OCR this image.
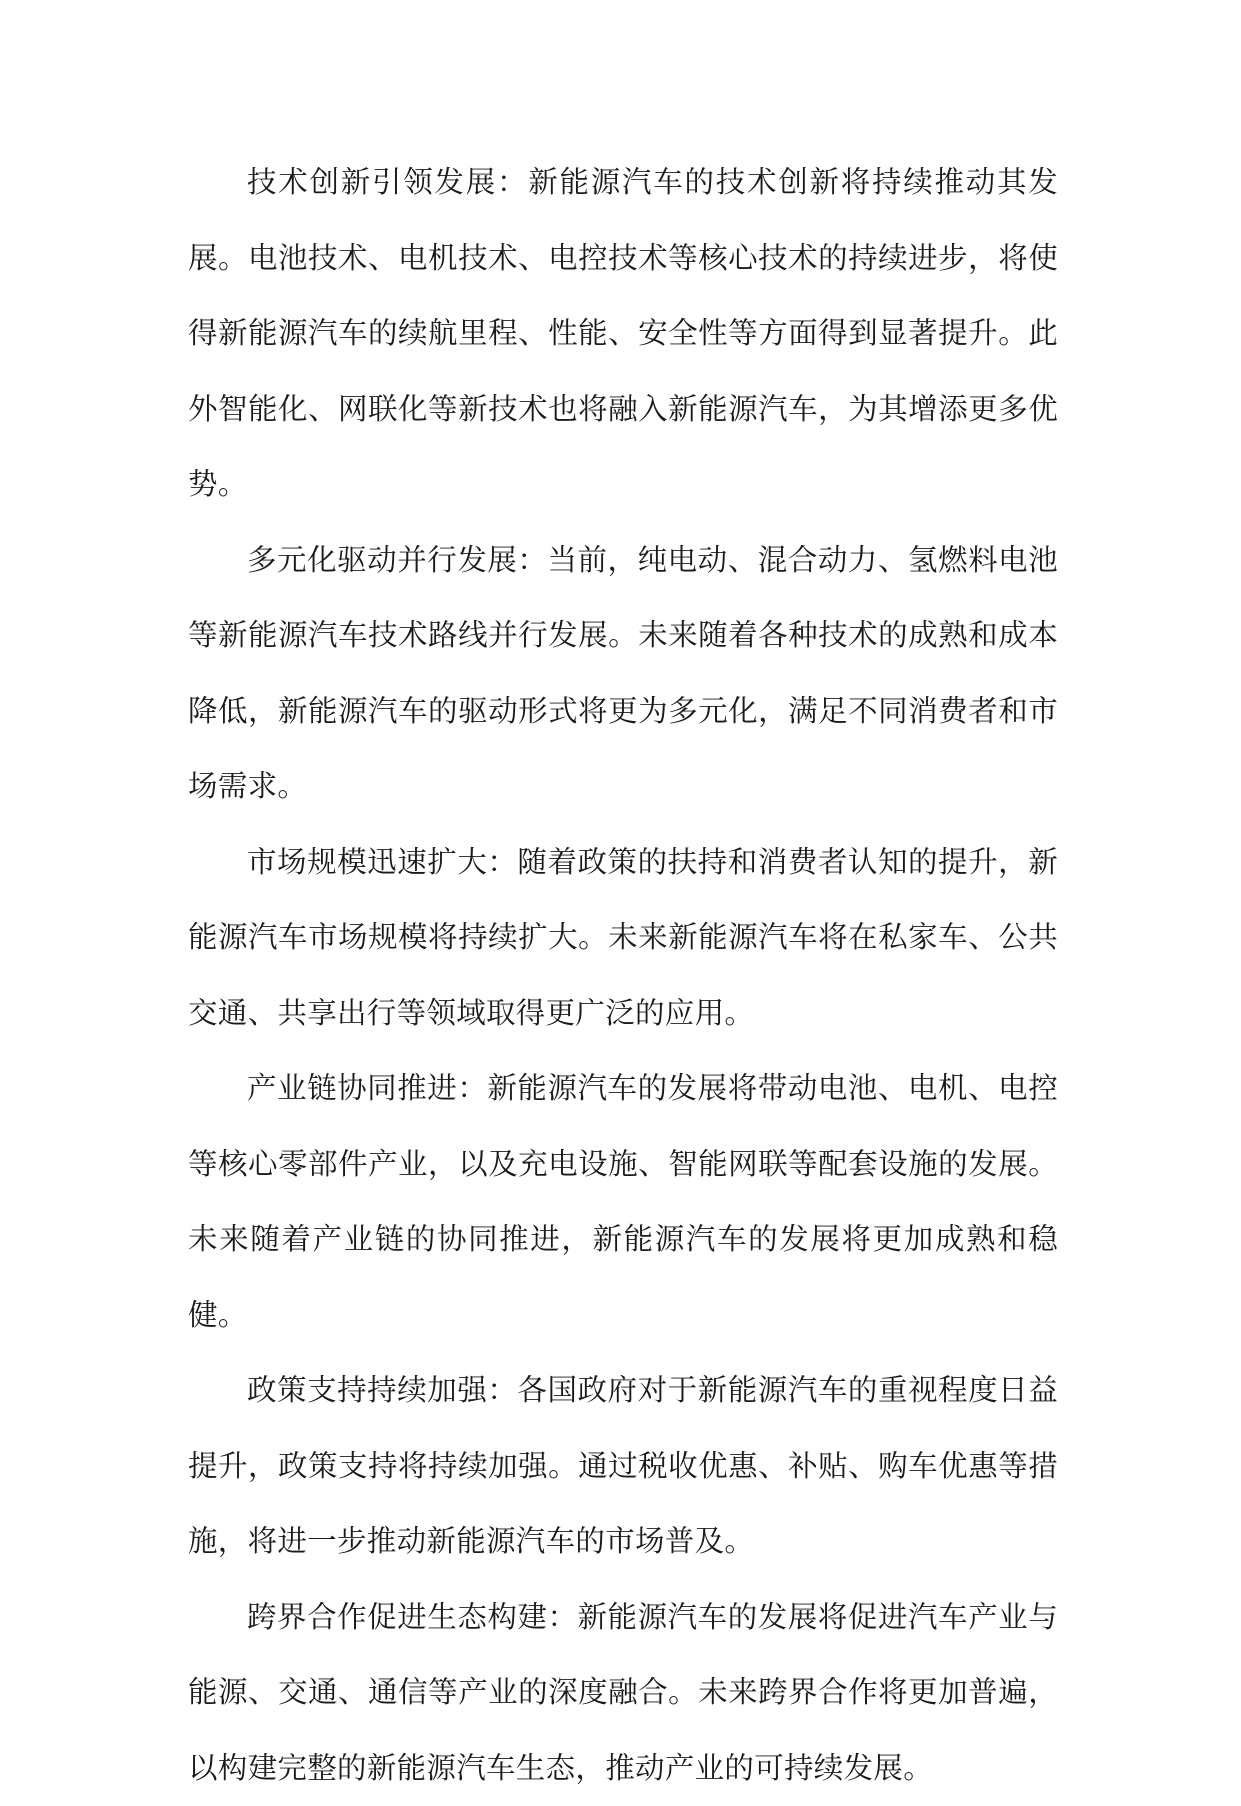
技术创新引领发展：新能源汽车的技术创新将持续推动其发展。电池技术、电机技术、电控技术等核心技术的持续进步，将使得新能源汽车的续航里程、性能、安全性等方面得到显著提升。此外智能化、网联化等新技术也将融入新能源汽车，为其增添更多优势。

多元化驱动并行发展：当前，纯电动、混合动力、氢燃料电池等新能源汽车技术路线并行发展。未来随着各种技术的成熟和成本降低，新能源汽车的驱动形式将更为多元化，满足不同消费者和市场需求。

市场规模迅速扩大：随着政策的扶持和消费者认知的提升，新能源汽车市场规模将持续扩大。未来新能源汽车将在私家车、公共交通、共享出行等领域取得更广泛的应用。

产业链协同推进：新能源汽车的发展将带动电池、电机、电控等核心零部件产业，以及充电设施、智能网联等配套设施的发展。未来随着产业链的协同推进，新能源汽车的发展将更加成熟和稳健。

政策支持持续加强：各国政府对于新能源汽车的重视程度日益提升，政策支持将持续加强。通过税收优惠、补贴、购车优惠等措施，将进一步推动新能源汽车的市场普及。

跨界合作促进生态构建：新能源汽车的发展将促进汽车产业与能源、交通、通信等产业的深度融合。未来跨界合作将更加普遍，以构建完整的新能源汽车生态，推动产业的可持续发展。
